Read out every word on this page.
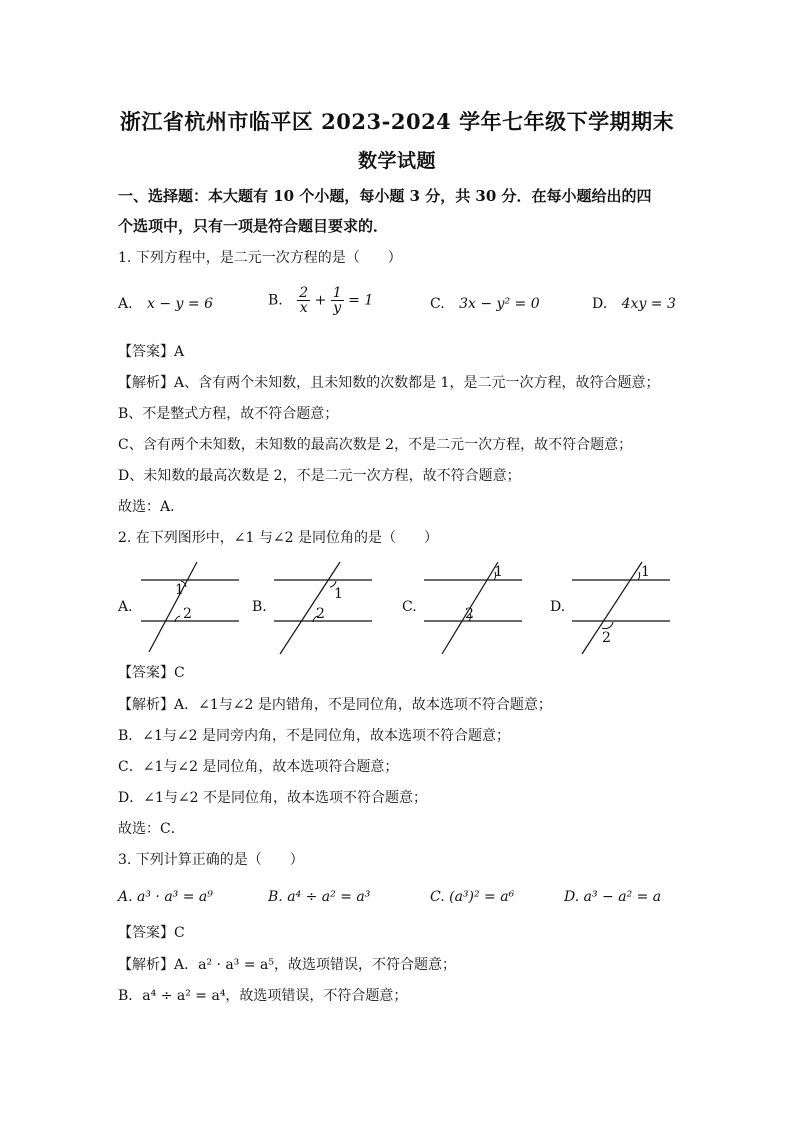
浙江省杭州市临平区 2023-2024 学年七年级下学期期末
数学试题
一、选择题：本大题有 10 个小题，每小题 3 分，共 30 分．在每小题给出的四
个选项中，只有一项是符合题目要求的．
1. 下列方程中，是二元一次方程的是（　　）
A. x − y = 6	B. $\frac{2}{x} + \frac{1}{y} = 1$	C. 3x − y² = 0	D. 4xy = 3
【答案】A
【解析】A、含有两个未知数，且未知数的次数都是 1，是二元一次方程，故符合题意；
B、不是整式方程，故不符合题意；
C、含有两个未知数，未知数的最高次数是 2，不是二元一次方程，故不符合题意；
D、未知数的最高次数是 2，不是二元一次方程，故不符合题意；
故选：A．
2. 在下列图形中，∠1 与∠2 是同位角的是（　　）
A.
1
2	B.
1
2	C.
1
2	D.
1
2
【答案】C
【解析】A．∠1与∠2 是内错角，不是同位角，故本选项不符合题意；
B．∠1与∠2 是同旁内角，不是同位角，故本选项不符合题意；
C．∠1与∠2 是同位角，故本选项符合题意；
D．∠1与∠2 不是同位角，故本选项不符合题意；
故选：C．
3. 下列计算正确的是（　　）
A. a³ · a³ = a⁹	B. a⁴ ÷ a² = a³	C. (a³)² = a⁶	D. a³ − a² = a
【答案】C
【解析】A．a² · a³ = a⁵，故选项错误，不符合题意；
B．a⁴ ÷ a² = a⁴，故选项错误，不符合题意；
